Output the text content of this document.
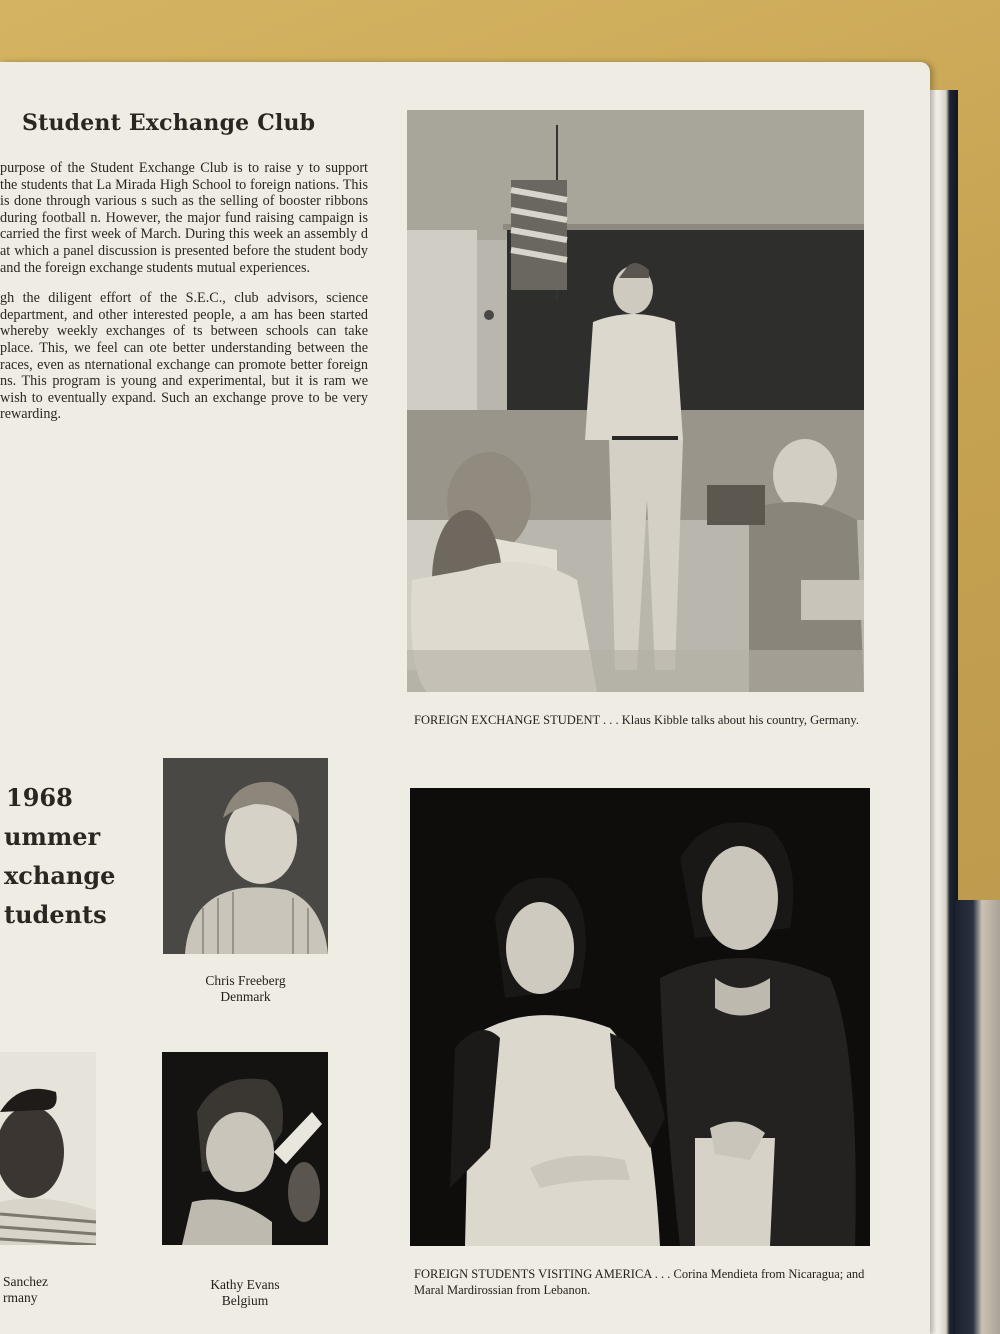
Student Exchange Club

purpose of the Student Exchange Club is to raise y to support the students that La Mirada High School to foreign nations. This is done through various s such as the selling of booster ribbons during football n. However, the major fund raising campaign is carried the first week of March. During this week an assembly d at which a panel discussion is presented before the student body and the foreign exchange students mutual experiences.

gh the diligent effort of the S.E.C., club advisors, science department, and other interested people, a am has been started whereby weekly exchanges of ts between schools can take place. This, we feel can ote better understanding between the races, even as nternational exchange can promote better foreign ns. This program is young and experimental, but it is ram we wish to eventually expand. Such an exchange prove to be very rewarding.

FOREIGN EXCHANGE STUDENT . . . Klaus Kibble talks about his country, Germany.
1968
ummer
xchange
tudents
Chris Freeberg
Denmark
Sanchez
rmany
Kathy Evans
Belgium
FOREIGN STUDENTS VISITING AMERICA . . . Corina Mendieta from Nicaragua; and Maral Mardirossian from Lebanon.
